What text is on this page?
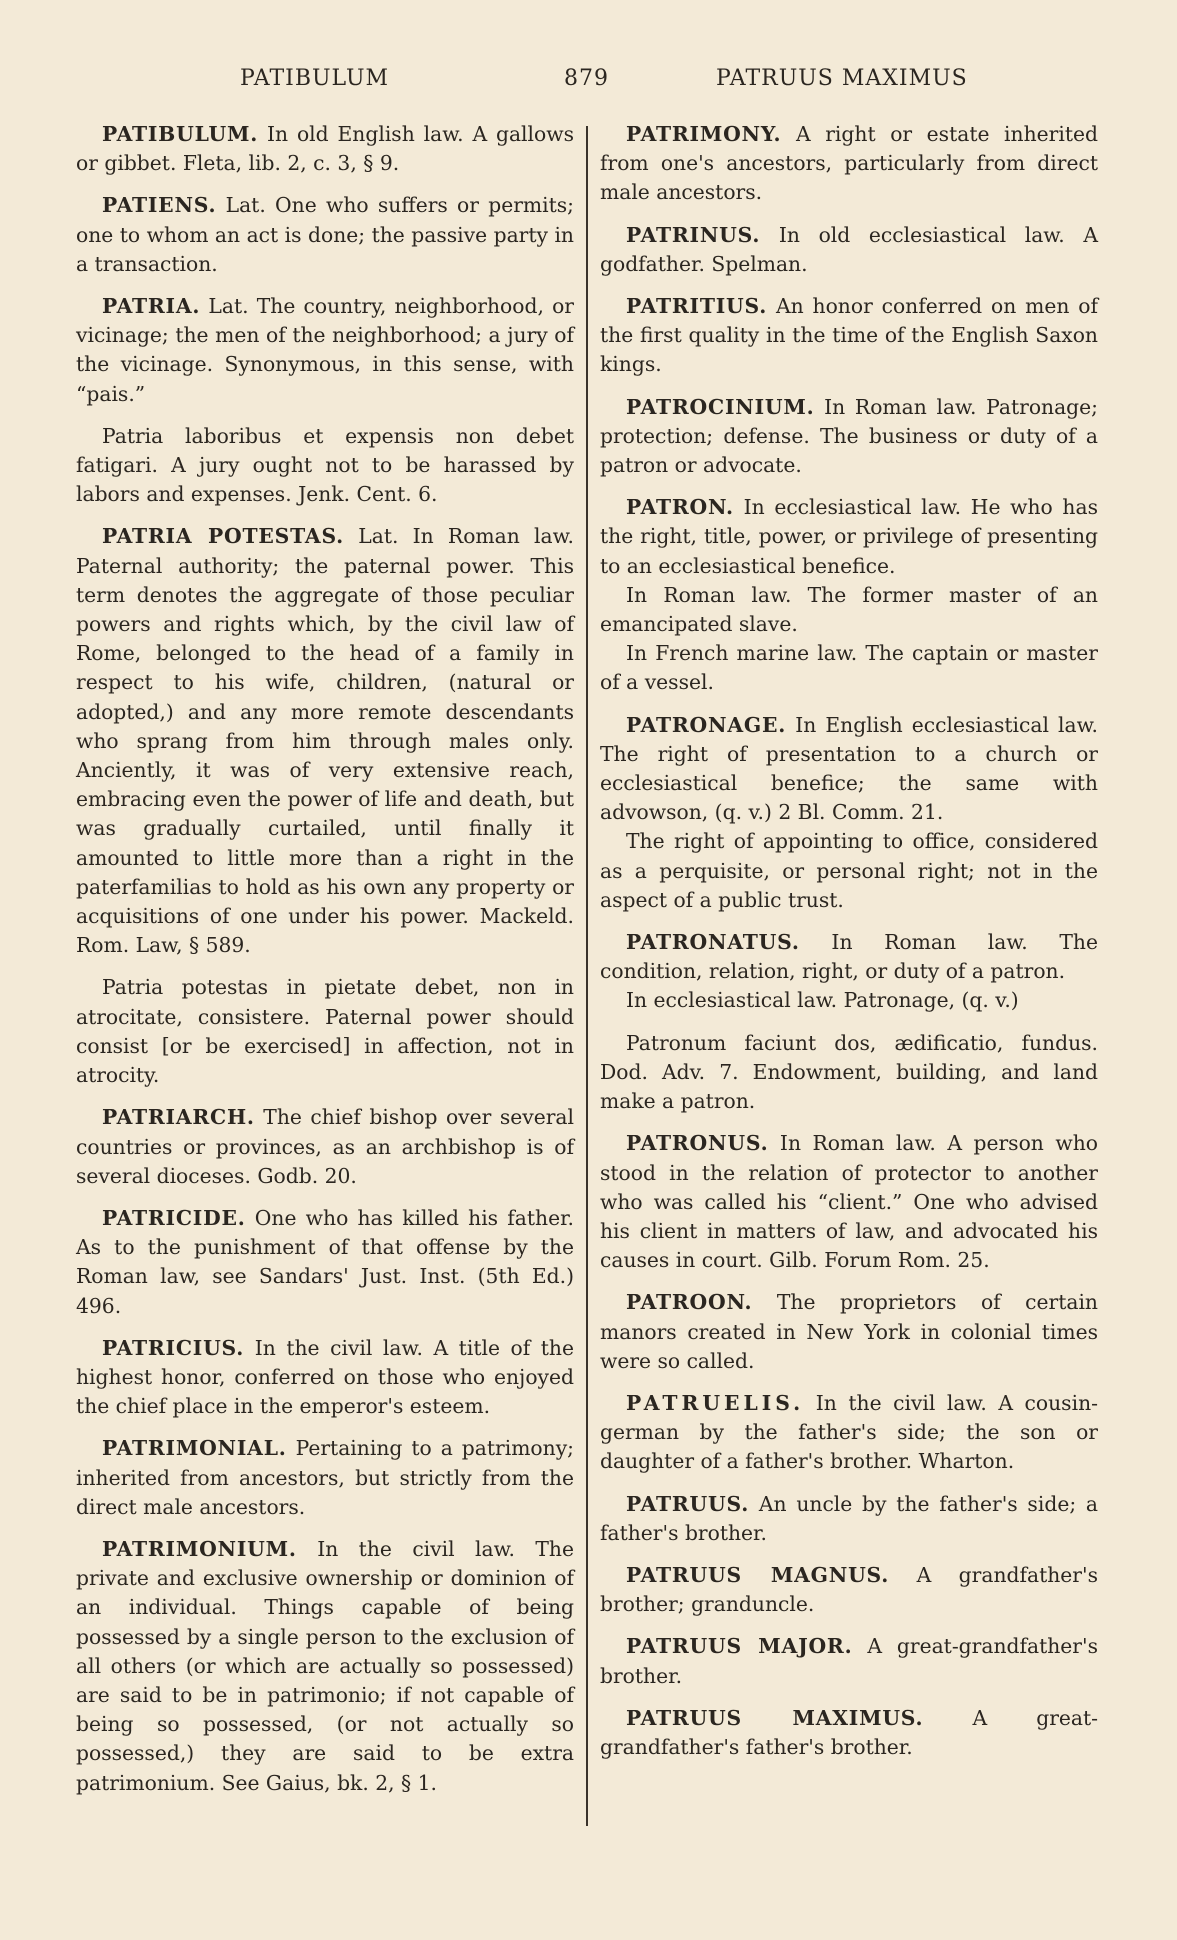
PATIBULUM	879	PATRUUS MAXIMUS

PATIBULUM. In old English law. A gallows or gibbet. Fleta, lib. 2, c. 3, § 9.

PATIENS. Lat. One who suffers or permits; one to whom an act is done; the passive party in a transaction.

PATRIA. Lat. The country, neighborhood, or vicinage; the men of the neighborhood; a jury of the vicinage. Synonymous, in this sense, with “pais.”

Patria laboribus et expensis non debet fatigari. A jury ought not to be harassed by labors and expenses. Jenk. Cent. 6.

PATRIA POTESTAS. Lat. In Roman law. Paternal authority; the paternal power. This term denotes the aggregate of those peculiar powers and rights which, by the civil law of Rome, belonged to the head of a family in respect to his wife, children, (natural or adopted,) and any more remote descendants who sprang from him through males only. Anciently, it was of very extensive reach, embracing even the power of life and death, but was gradually curtailed, until finally it amounted to little more than a right in the paterfamilias to hold as his own any property or acquisitions of one under his power. Mackeld. Rom. Law, § 589.

Patria potestas in pietate debet, non in atrocitate, consistere. Paternal power should consist [or be exercised] in affection, not in atrocity.

PATRIARCH. The chief bishop over several countries or provinces, as an archbishop is of several dioceses. Godb. 20.

PATRICIDE. One who has killed his father. As to the punishment of that offense by the Roman law, see Sandars' Just. Inst. (5th Ed.) 496.

PATRICIUS. In the civil law. A title of the highest honor, conferred on those who enjoyed the chief place in the emperor's esteem.

PATRIMONIAL. Pertaining to a patrimony; inherited from ancestors, but strictly from the direct male ancestors.

PATRIMONIUM. In the civil law. The private and exclusive ownership or dominion of an individual. Things capable of being possessed by a single person to the exclusion of all others (or which are actually so possessed) are said to be in patrimonio; if not capable of being so possessed, (or not actually so possessed,) they are said to be extra patrimonium. See Gaius, bk. 2, § 1.

PATRIMONY. A right or estate inherited from one's ancestors, particularly from direct male ancestors.

PATRINUS. In old ecclesiastical law. A godfather. Spelman.

PATRITIUS. An honor conferred on men of the first quality in the time of the English Saxon kings.

PATROCINIUM. In Roman law. Patronage; protection; defense. The business or duty of a patron or advocate.

PATRON. In ecclesiastical law. He who has the right, title, power, or privilege of presenting to an ecclesiastical benefice.

In Roman law. The former master of an emancipated slave.

In French marine law. The captain or master of a vessel.

PATRONAGE. In English ecclesiastical law. The right of presentation to a church or ecclesiastical benefice; the same with advowson, (q. v.) 2 Bl. Comm. 21.

The right of appointing to office, considered as a perquisite, or personal right; not in the aspect of a public trust.

PATRONATUS. In Roman law. The condition, relation, right, or duty of a patron.

In ecclesiastical law. Patronage, (q. v.)

Patronum faciunt dos, ædificatio, fundus. Dod. Adv. 7. Endowment, building, and land make a patron.

PATRONUS. In Roman law. A person who stood in the relation of protector to another who was called his “client.” One who advised his client in matters of law, and advocated his causes in court. Gilb. Forum Rom. 25.

PATROON. The proprietors of certain manors created in New York in colonial times were so called.

PATRUELIS. In the civil law. A cousin-german by the father's side; the son or daughter of a father's brother. Wharton.

PATRUUS. An uncle by the father's side; a father's brother.

PATRUUS MAGNUS. A grandfather's brother; granduncle.

PATRUUS MAJOR. A great-grandfather's brother.

PATRUUS MAXIMUS. A great-grandfather's father's brother.
